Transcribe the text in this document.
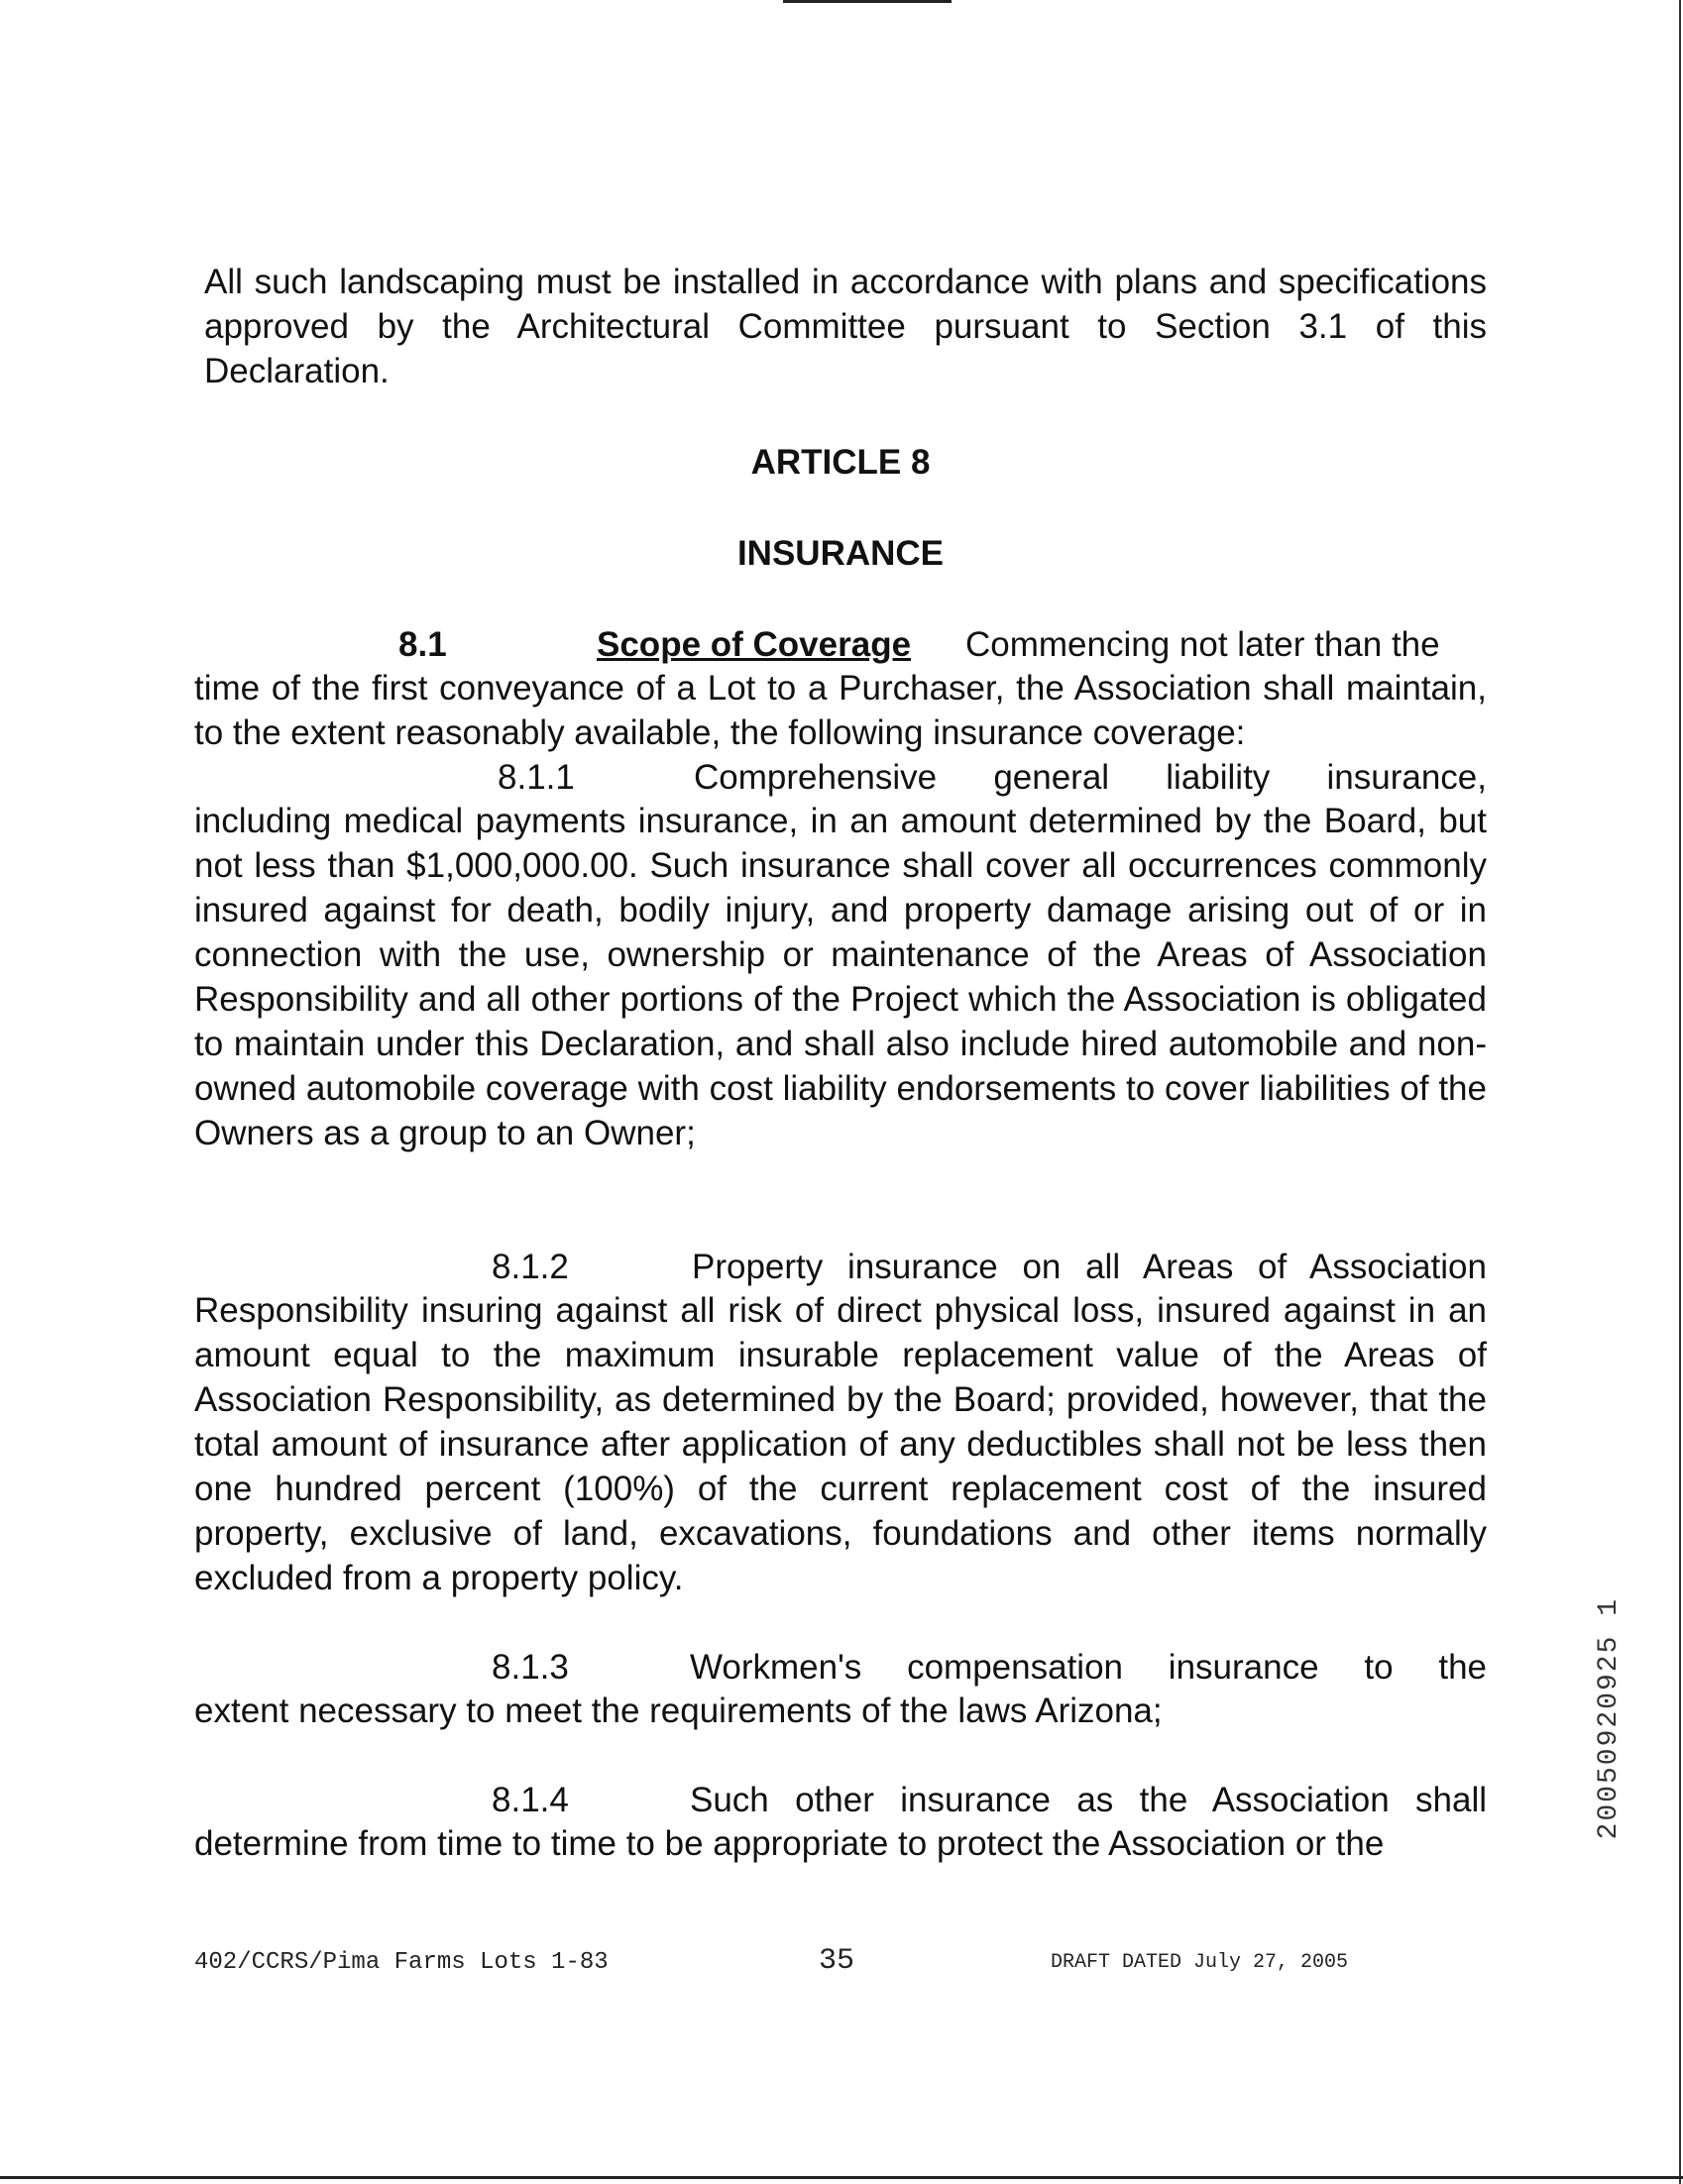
All such landscaping must be installed in accordance with plans and specifications approved by the Architectural Committee pursuant to Section 3.1 of this Declaration.

ARTICLE 8

INSURANCE

8.1	Scope of Coverage Commencing not later than the

time of the first conveyance of a Lot to a Purchaser, the Association shall maintain, to the extent reasonably available, the following insurance coverage:

8.1.1	Comprehensive general liability insurance,

including medical payments insurance, in an amount determined by the Board, but not less than $1,000,000.00. Such insurance shall cover all occurrences commonly insured against for death, bodily injury, and property damage arising out of or in connection with the use, ownership or maintenance of the Areas of Association Responsibility and all other portions of the Project which the Association is obligated to maintain under this Declaration, and shall also include hired automobile and non-owned automobile coverage with cost liability endorsements to cover liabilities of the Owners as a group to an Owner;

8.1.2	Property insurance on all Areas of Association

Responsibility insuring against all risk of direct physical loss, insured against in an amount equal to the maximum insurable replacement value of the Areas of Association Responsibility, as determined by the Board; provided, however, that the total amount of insurance after application of any deductibles shall not be less then one hundred percent (100%) of the current replacement cost of the insured property, exclusive of land, excavations, foundations and other items normally excluded from a property policy.

8.1.3	Workmen's compensation insurance to the

extent necessary to meet the requirements of the laws Arizona;

8.1.4	Such other insurance as the Association shall

determine from time to time to be appropriate to protect the Association or the

20050920925 1
402/CCRS/Pima Farms Lots 1-83	35	DRAFT DATED July 27, 2005
